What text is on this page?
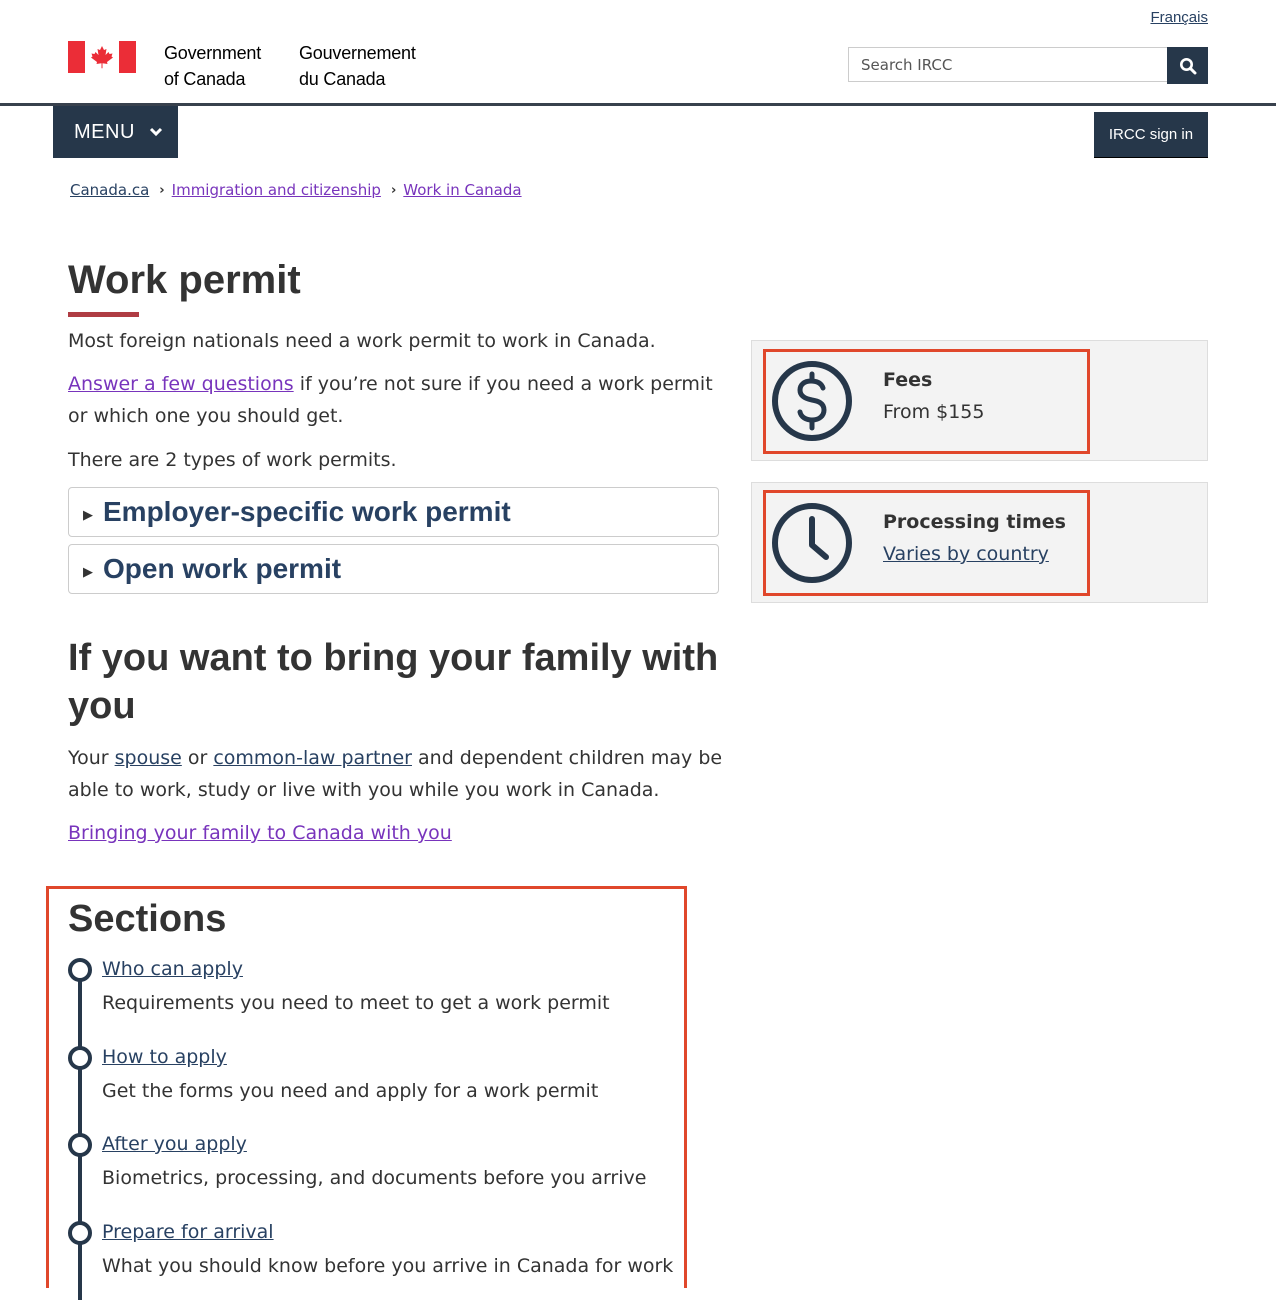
Français
Government
of Canada
Gouvernement
du Canada
Search IRCC
MENU	IRCC sign in
Canada.ca › Immigration and citizenship › Work in Canada
Work permit
Most foreign nationals need a work permit to work in Canada.
Answer a few questions if you’re not sure if you need a work permit or which one you should get.
There are 2 types of work permits.
▶ Employer-specific work permit
▶ Open work permit
If you want to bring your family with you
Your spouse or common-law partner and dependent children may be able to work, study or live with you while you work in Canada.
Bringing your family to Canada with you
Fees
From $155
Processing times
Varies by country
Sections
Who can apply
Requirements you need to meet to get a work permit
How to apply
Get the forms you need and apply for a work permit
After you apply
Biometrics, processing, and documents before you arrive
Prepare for arrival
What you should know before you arrive in Canada for work
